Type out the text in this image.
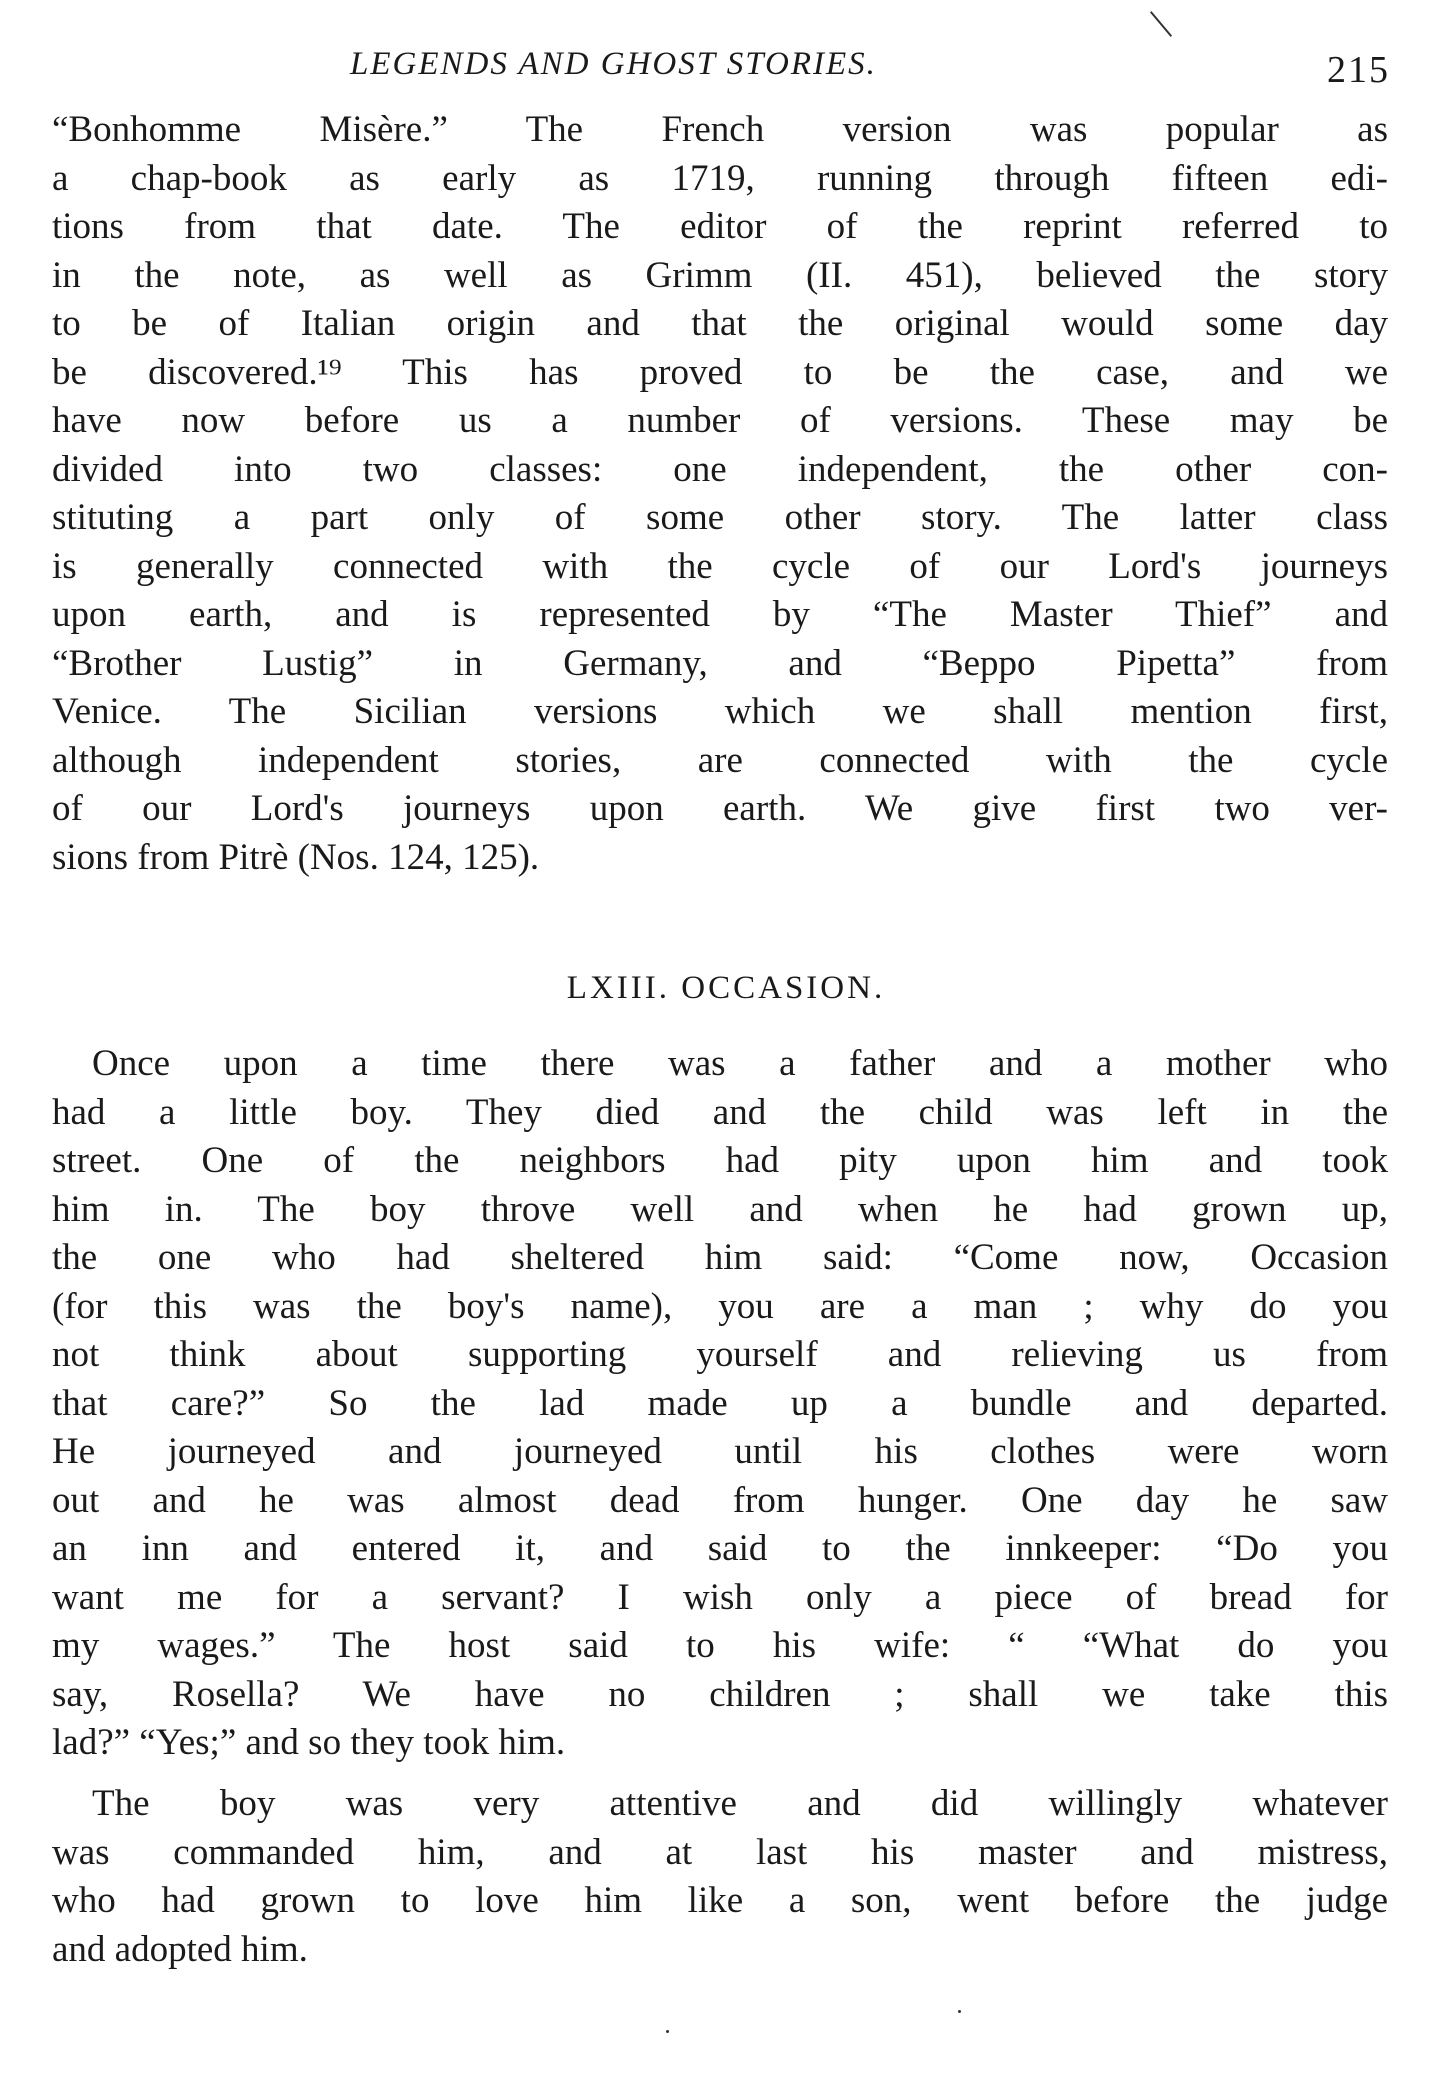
LEGENDS AND GHOST STORIES.	215
“Bonhomme Misère.” The French version was popular as
a chap-book as early as 1719, running through fifteen edi-
tions from that date. The editor of the reprint referred to
in the note, as well as Grimm (II. 451), believed the story
to be of Italian origin and that the original would some day
be discovered.¹⁹ This has proved to be the case, and we
have now before us a number of versions. These may be
divided into two classes: one independent, the other con-
stituting a part only of some other story. The latter class
is generally connected with the cycle of our Lord's journeys
upon earth, and is represented by “The Master Thief” and
“Brother Lustig” in Germany, and “Beppo Pipetta” from
Venice. The Sicilian versions which we shall mention first,
although independent stories, are connected with the cycle
of our Lord's journeys upon earth. We give first two ver-
sions from Pitrè (Nos. 124, 125).
LXIII. OCCASION.
Once upon a time there was a father and a mother who
had a little boy. They died and the child was left in the
street. One of the neighbors had pity upon him and took
him in. The boy throve well and when he had grown up,
the one who had sheltered him said: “Come now, Occasion
(for this was the boy's name), you are a man ; why do you
not think about supporting yourself and relieving us from
that care?” So the lad made up a bundle and departed.
He journeyed and journeyed until his clothes were worn
out and he was almost dead from hunger. One day he saw
an inn and entered it, and said to the innkeeper: “Do you
want me for a servant? I wish only a piece of bread for
my wages.” The host said to his wife: “ “What do you
say, Rosella? We have no children ; shall we take this
lad?” “Yes;” and so they took him.
The boy was very attentive and did willingly whatever
was commanded him, and at last his master and mistress,
who had grown to love him like a son, went before the judge
and adopted him.
